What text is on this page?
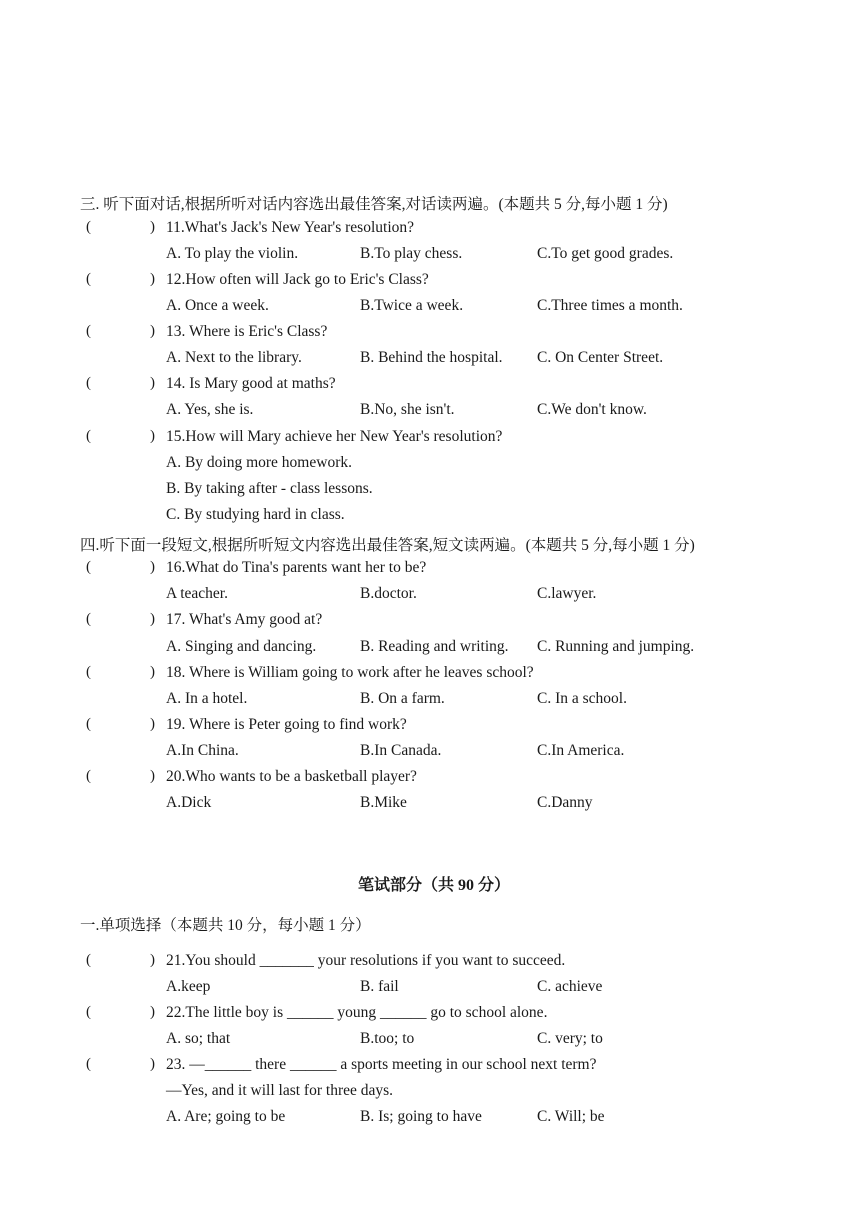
三. 听下面对话,根据所听对话内容选出最佳答案,对话读两遍。(本题共 5 分,每小题 1 分)
(	) 11.What's Jack's New Year's resolution?
A. To play the violin.	B.To play chess.	C.To get good grades.
(	) 12.How often will Jack go to Eric's Class?
A. Once a week.	B.Twice a week.	C.Three times a month.
(	) 13. Where is Eric's Class?
A. Next to the library.	B. Behind the hospital. C. On Center Street.
(	) 14. Is Mary good at maths?
A. Yes, she is.	B.No, she isn't.	C.We don't know.
(	) 15.How will Mary achieve her New Year's resolution?
A. By doing more homework.
B. By taking after - class lessons.
C. By studying hard in class.
四.听下面一段短文,根据所听短文内容选出最佳答案,短文读两遍。(本题共 5 分,每小题 1 分)
(	) 16.What do Tina's parents want her to be?
A teacher.	B.doctor.	C.lawyer.
(	) 17. What's Amy good at?
A. Singing and dancing.	B. Reading and writing. C. Running and jumping.
(	) 18. Where is William going to work after he leaves school?
A. In a hotel.	B. On a farm.	C. In a school.
(	) 19. Where is Peter going to find work?
A.In China.	B.In Canada.	C.In America.
(	) 20.Who wants to be a basketball player?
A.Dick	B.Mike	C.Danny
笔试部分（共 90 分）
一.单项选择（本题共 10 分，每小题 1 分）
(	) 21.You should _______ your resolutions if you want to succeed.
A.keep	B. fail	C. achieve
(	) 22.The little boy is ______ young ______ go to school alone.
A. so; that	B.too; to	C. very; to
(	) 23. —______ there ______ a sports meeting in our school next term?
—Yes, and it will last for three days.
A. Are; going to be	B. Is; going to have	C. Will; be
